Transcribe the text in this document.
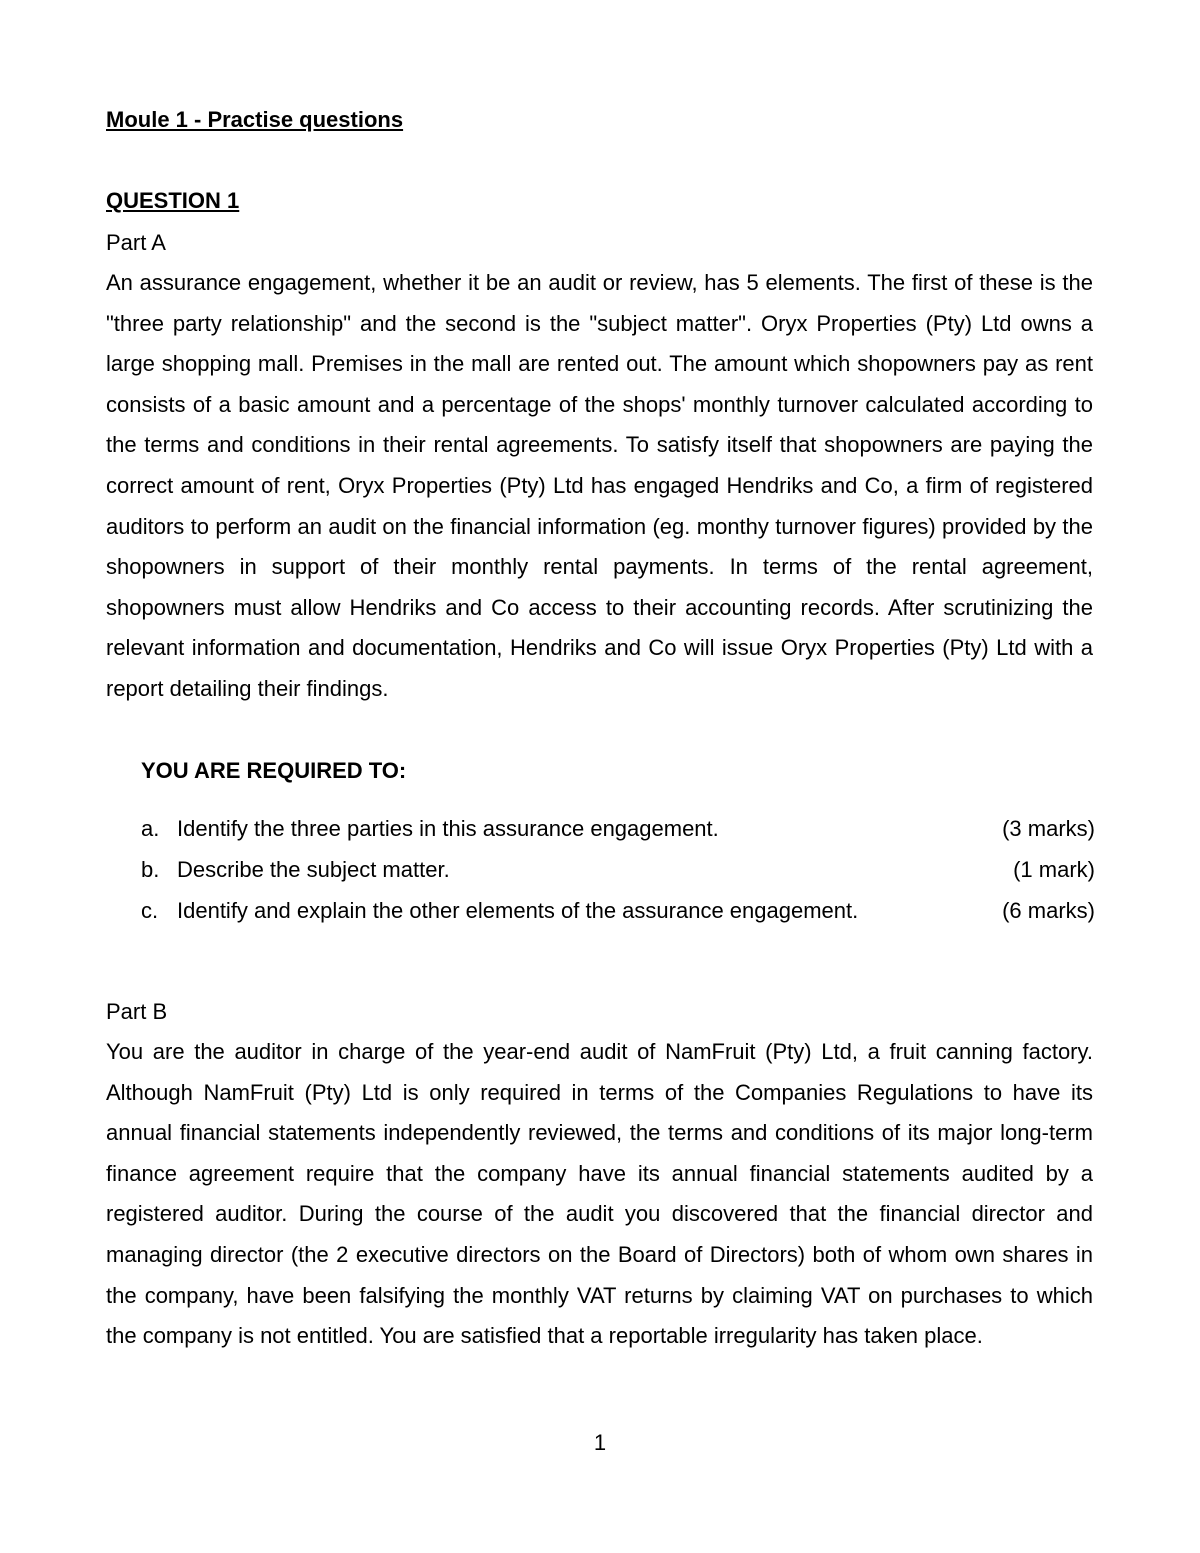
Moule 1 - Practise questions
QUESTION 1
Part A

An assurance engagement, whether it be an audit or review, has 5 elements. The first of these is the "three party relationship" and the second is the "subject matter". Oryx Properties (Pty) Ltd owns a large shopping mall. Premises in the mall are rented out. The amount which shopowners pay as rent consists of a basic amount and a percentage of the shops' monthly turnover calculated according to the terms and conditions in their rental agreements. To satisfy itself that shopowners are paying the correct amount of rent, Oryx Properties (Pty) Ltd has engaged Hendriks and Co, a firm of registered auditors to perform an audit on the financial information (eg. monthy turnover figures) provided by the shopowners in support of their monthly rental payments. In terms of the rental agreement, shopowners must allow Hendriks and Co access to their accounting records. After scrutinizing the relevant information and documentation, Hendriks and Co will issue Oryx Properties (Pty) Ltd with a report detailing their findings.

YOU ARE REQUIRED TO:
a. Identify the three parties in this assurance engagement.	(3 marks)
b. Describe the subject matter.	(1 mark)
c. Identify and explain the other elements of the assurance engagement.	(6 marks)
Part B

You are the auditor in charge of the year-end audit of NamFruit (Pty) Ltd, a fruit canning factory. Although NamFruit (Pty) Ltd is only required in terms of the Companies Regulations to have its annual financial statements independently reviewed, the terms and conditions of its major long-term finance agreement require that the company have its annual financial statements audited by a registered auditor. During the course of the audit you discovered that the financial director and managing director (the 2 executive directors on the Board of Directors) both of whom own shares in the company, have been falsifying the monthly VAT returns by claiming VAT on purchases to which the company is not entitled. You are satisfied that a reportable irregularity has taken place.

1
